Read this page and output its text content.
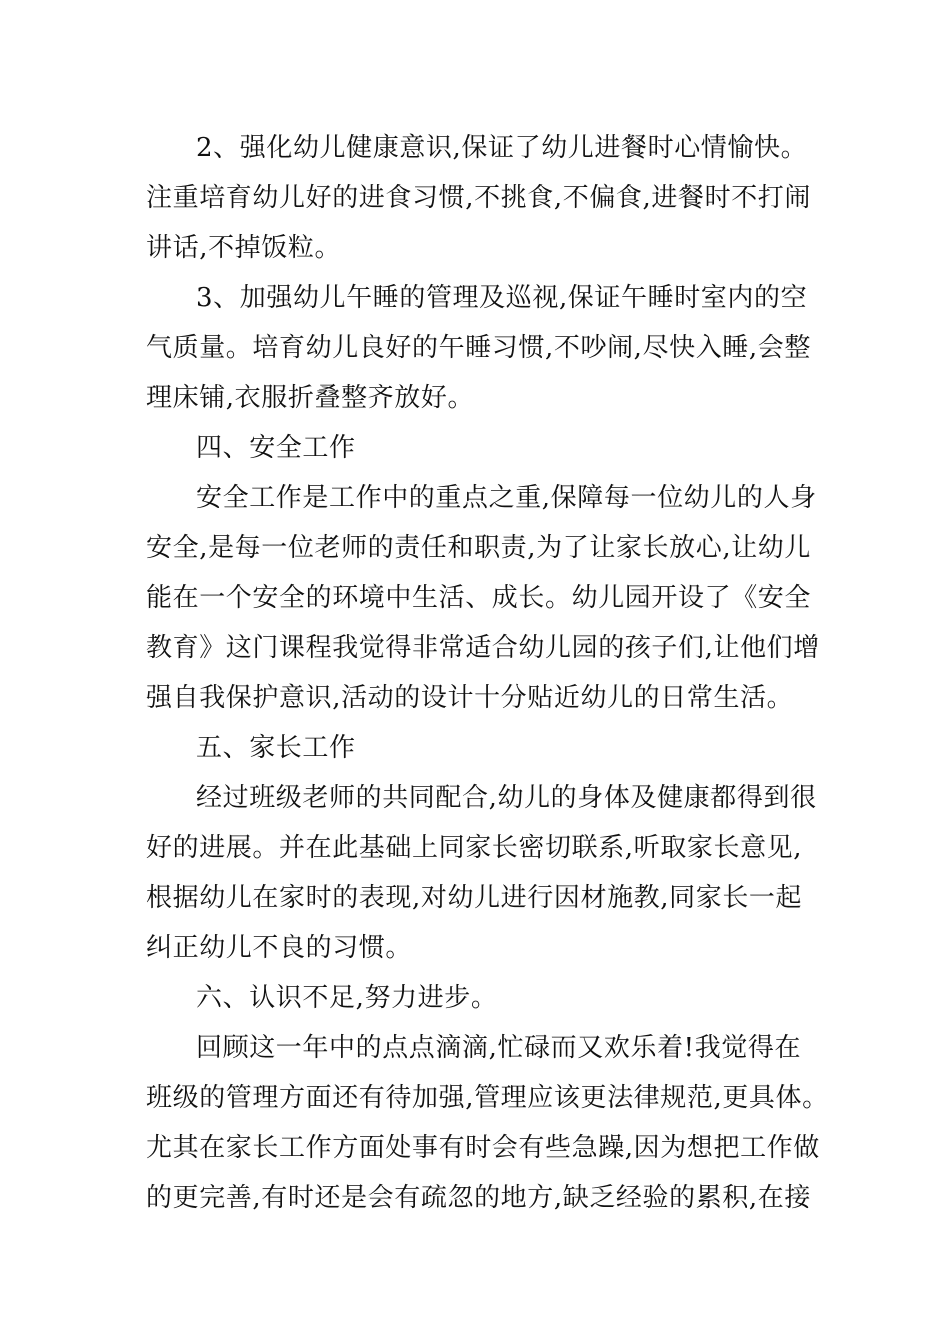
2、强化幼儿健康意识,保证了幼儿进餐时心情愉快。
注重培育幼儿好的进食习惯,不挑食,不偏食,进餐时不打闹
讲话,不掉饭粒。
3、加强幼儿午睡的管理及巡视,保证午睡时室内的空
气质量。培育幼儿良好的午睡习惯,不吵闹,尽快入睡,会整
理床铺,衣服折叠整齐放好。
四、安全工作
安全工作是工作中的重点之重,保障每一位幼儿的人身
安全,是每一位老师的责任和职责,为了让家长放心,让幼儿
能在一个安全的环境中生活、成长。幼儿园开设了《安全
教育》这门课程我觉得非常适合幼儿园的孩子们,让他们增
强自我保护意识,活动的设计十分贴近幼儿的日常生活。
五、家长工作
经过班级老师的共同配合,幼儿的身体及健康都得到很
好的进展。并在此基础上同家长密切联系,听取家长意见,
根据幼儿在家时的表现,对幼儿进行因材施教,同家长一起
纠正幼儿不良的习惯。
六、认识不足,努力进步。
回顾这一年中的点点滴滴,忙碌而又欢乐着!我觉得在
班级的管理方面还有待加强,管理应该更法律规范,更具体。
尤其在家长工作方面处事有时会有些急躁,因为想把工作做
的更完善,有时还是会有疏忽的地方,缺乏经验的累积,在接
